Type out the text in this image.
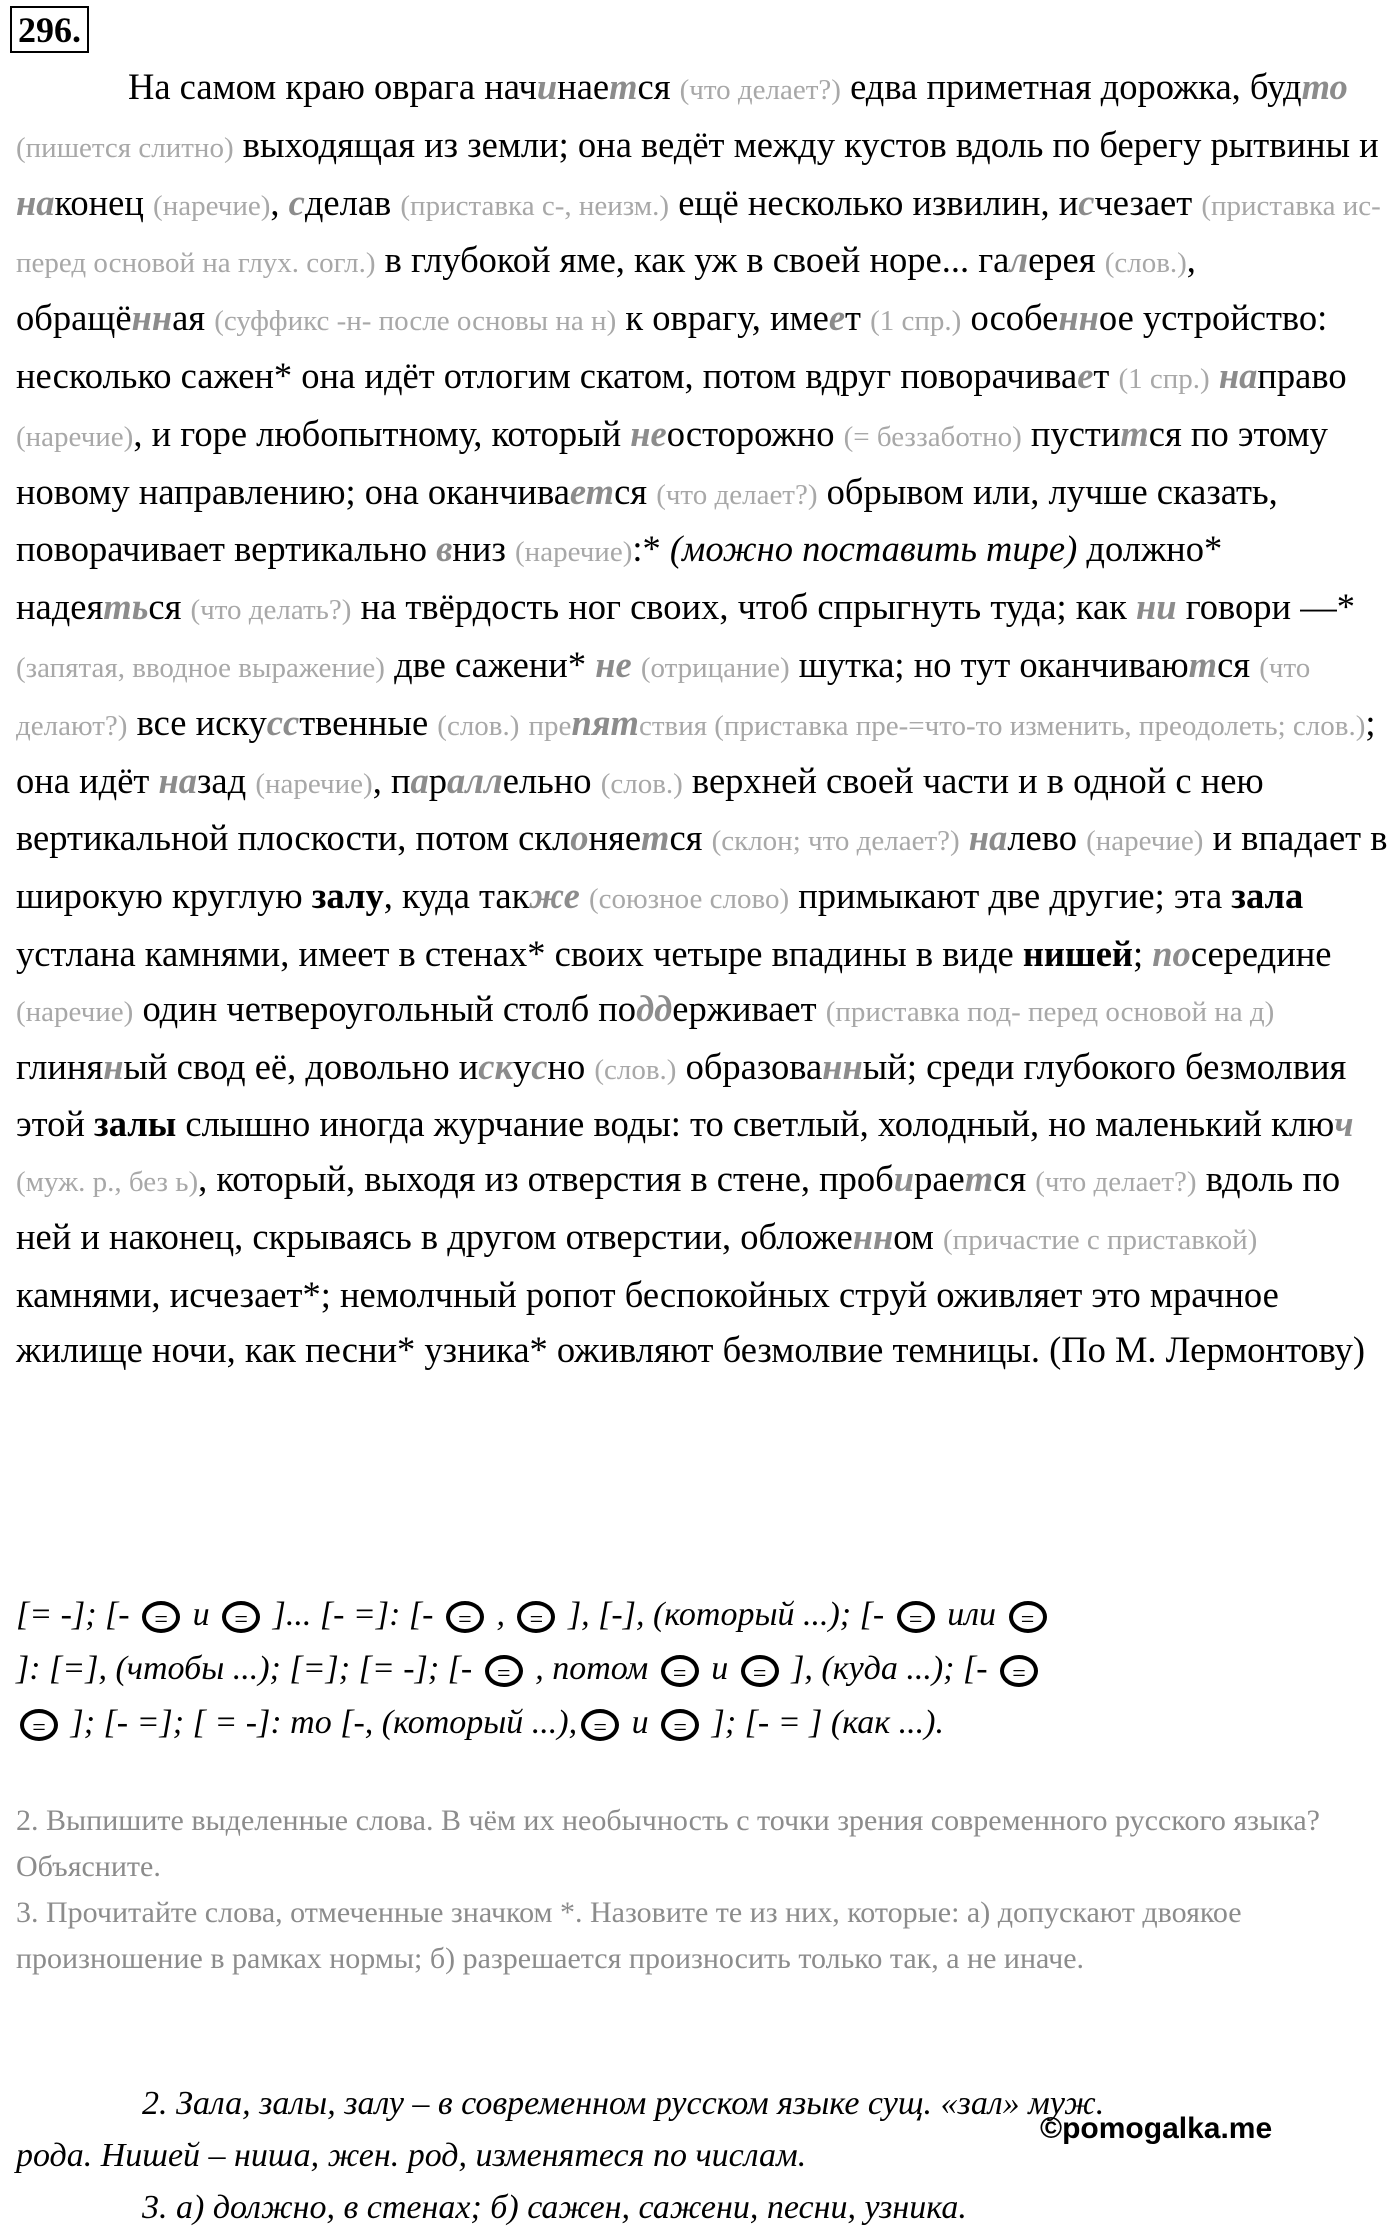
296.
На самом краю оврага начинается (что делает?) едва приметная дорожка, будто (пишется слитно) выходящая из земли; она ведёт между кустов вдоль по берегу рытвины и наконец (наречие), сделав (приставка с-, неизм.) ещё несколько извилин, исчезает (приставка ис- перед основой на глух. согл.) в глубокой яме, как уж в своей норе... галерея (слов.), обращённая (суффикс -н- после основы на н) к оврагу, имеет (1 спр.) особенное устройство: несколько сажен* она идёт отлогим скатом, потом вдруг поворачивает (1 спр.) направо (наречие), и горе любопытному, который неосторожно (= беззаботно) пустится по этому новому направлению; она оканчивается (что делает?) обрывом или, лучше сказать, поворачивает вертикально вниз (наречие):* (можно поставить тире) должно* надеяться (что делать?) на твёрдость ног своих, чтоб спрыгнуть туда; как ни говори —* (запятая, вводное выражение) две сажени* не (отрицание) шутка; но тут оканчиваются (что делают?) все искусственные (слов.) препятствия (приставка пре-=что-то изменить, преодолеть; слов.); она идёт назад (наречие), параллельно (слов.) верхней своей части и в одной с нею вертикальной плоскости, потом склоняется (склон; что делает?) налево (наречие) и впадает в широкую круглую залу, куда также (союзное слово) примыкают две другие; эта зала устлана камнями, имеет в стенах* своих четыре впадины в виде нишей; посередине (наречие) один четвероугольный столб поддерживает (приставка под- перед основой на д) глиняный свод её, довольно искусно (слов.) образованный; среди глубокого безмолвия этой залы слышно иногда журчание воды: то светлый, холодный, но маленький ключ (муж. р., без ь), который, выходя из отверстия в стене, пробирается (что делает?) вдоль по ней и наконец, скрываясь в другом отверстии, обложенном (причастие с приставкой) камнями, исчезает*; немолчный ропот беспокойных струй оживляет это мрачное жилище ночи, как песни* узника* оживляют безмолвие темницы. (По М. Лермонтову)
[= -]; [- = и = ]... [- =]: [- = , = ], [-], (который ...); [- = или =
]: [=], (чтобы ...); [=]; [= -]; [- = , потом = и = ], (куда ...); [- =
= ]; [- =]; [ = -]: то [-, (который ...), = и = ]; [- = ] (как ...).
2. Выпишите выделенные слова. В чём их необычность с точки зрения современного русского языка? Объясните.
3. Прочитайте слова, отмеченные значком *. Назовите те из них, которые: а) допускают двоякое произношение в рамках нормы; б) разрешается произносить только так, а не иначе.
2. Зала, залы, залу – в современном русском языке сущ. «зал» муж.
рода. Нишей – ниша, жен. род, изменятеся по числам.
3. а) должно, в стенах; б) сажен, сажени, песни, узника.
©pomogalka.me
